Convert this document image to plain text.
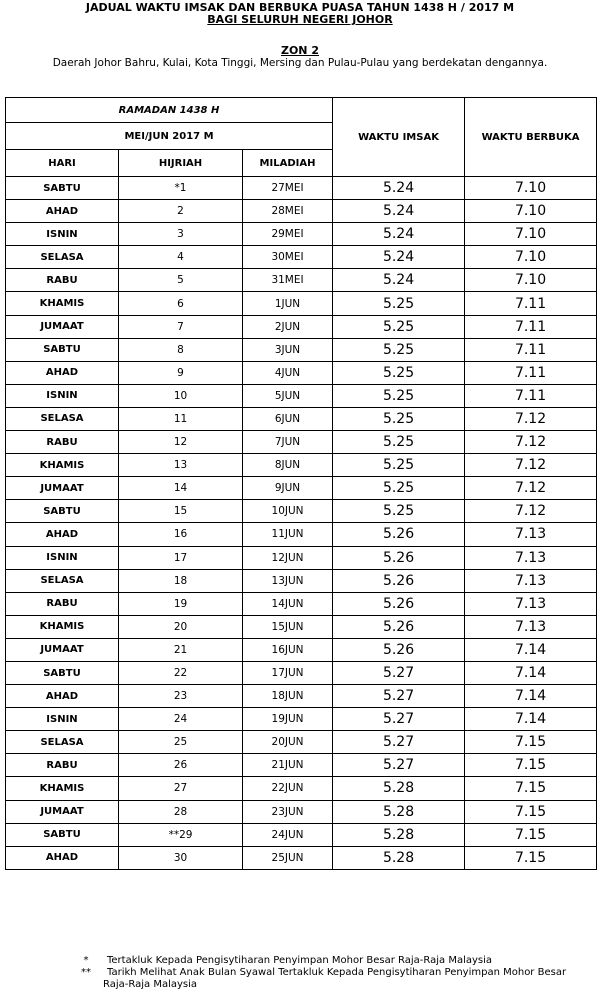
JADUAL WAKTU IMSAK DAN BERBUKA PUASA TAHUN 1438 H / 2017 M
BAGI SELURUH NEGERI JOHOR
ZON 2
Daerah Johor Bahru, Kulai, Kota Tinggi, Mersing dan Pulau-Pulau yang berdekatan dengannya.
RAMADAN 1438 H			WAKTU IMSAK	WAKTU BERBUKA
MEI/JUN 2017 M				
HARI	HIJRIAH	MILADIAH		
SABTU	*1	27MEI	5.24	7.10
AHAD	2	28MEI	5.24	7.10
ISNIN	3	29MEI	5.24	7.10
SELASA	4	30MEI	5.24	7.10
RABU	5	31MEI	5.24	7.10
KHAMIS	6	1JUN	5.25	7.11
JUMAAT	7	2JUN	5.25	7.11
SABTU	8	3JUN	5.25	7.11
AHAD	9	4JUN	5.25	7.11
ISNIN	10	5JUN	5.25	7.11
SELASA	11	6JUN	5.25	7.12
RABU	12	7JUN	5.25	7.12
KHAMIS	13	8JUN	5.25	7.12
JUMAAT	14	9JUN	5.25	7.12
SABTU	15	10JUN	5.25	7.12
AHAD	16	11JUN	5.26	7.13
ISNIN	17	12JUN	5.26	7.13
SELASA	18	13JUN	5.26	7.13
RABU	19	14JUN	5.26	7.13
KHAMIS	20	15JUN	5.26	7.13
JUMAAT	21	16JUN	5.26	7.14
SABTU	22	17JUN	5.27	7.14
AHAD	23	18JUN	5.27	7.14
ISNIN	24	19JUN	5.27	7.14
SELASA	25	20JUN	5.27	7.15
RABU	26	21JUN	5.27	7.15
KHAMIS	27	22JUN	5.28	7.15
JUMAAT	28	23JUN	5.28	7.15
SABTU	**29	24JUN	5.28	7.15
AHAD	30	25JUN	5.28	7.15
*	Tertakluk Kepada Pengisytiharan Penyimpan Mohor Besar Raja-Raja Malaysia
**	Tarikh Melihat Anak Bulan Syawal Tertakluk Kepada Pengisytiharan Penyimpan Mohor Besar
Raja-Raja Malaysia
